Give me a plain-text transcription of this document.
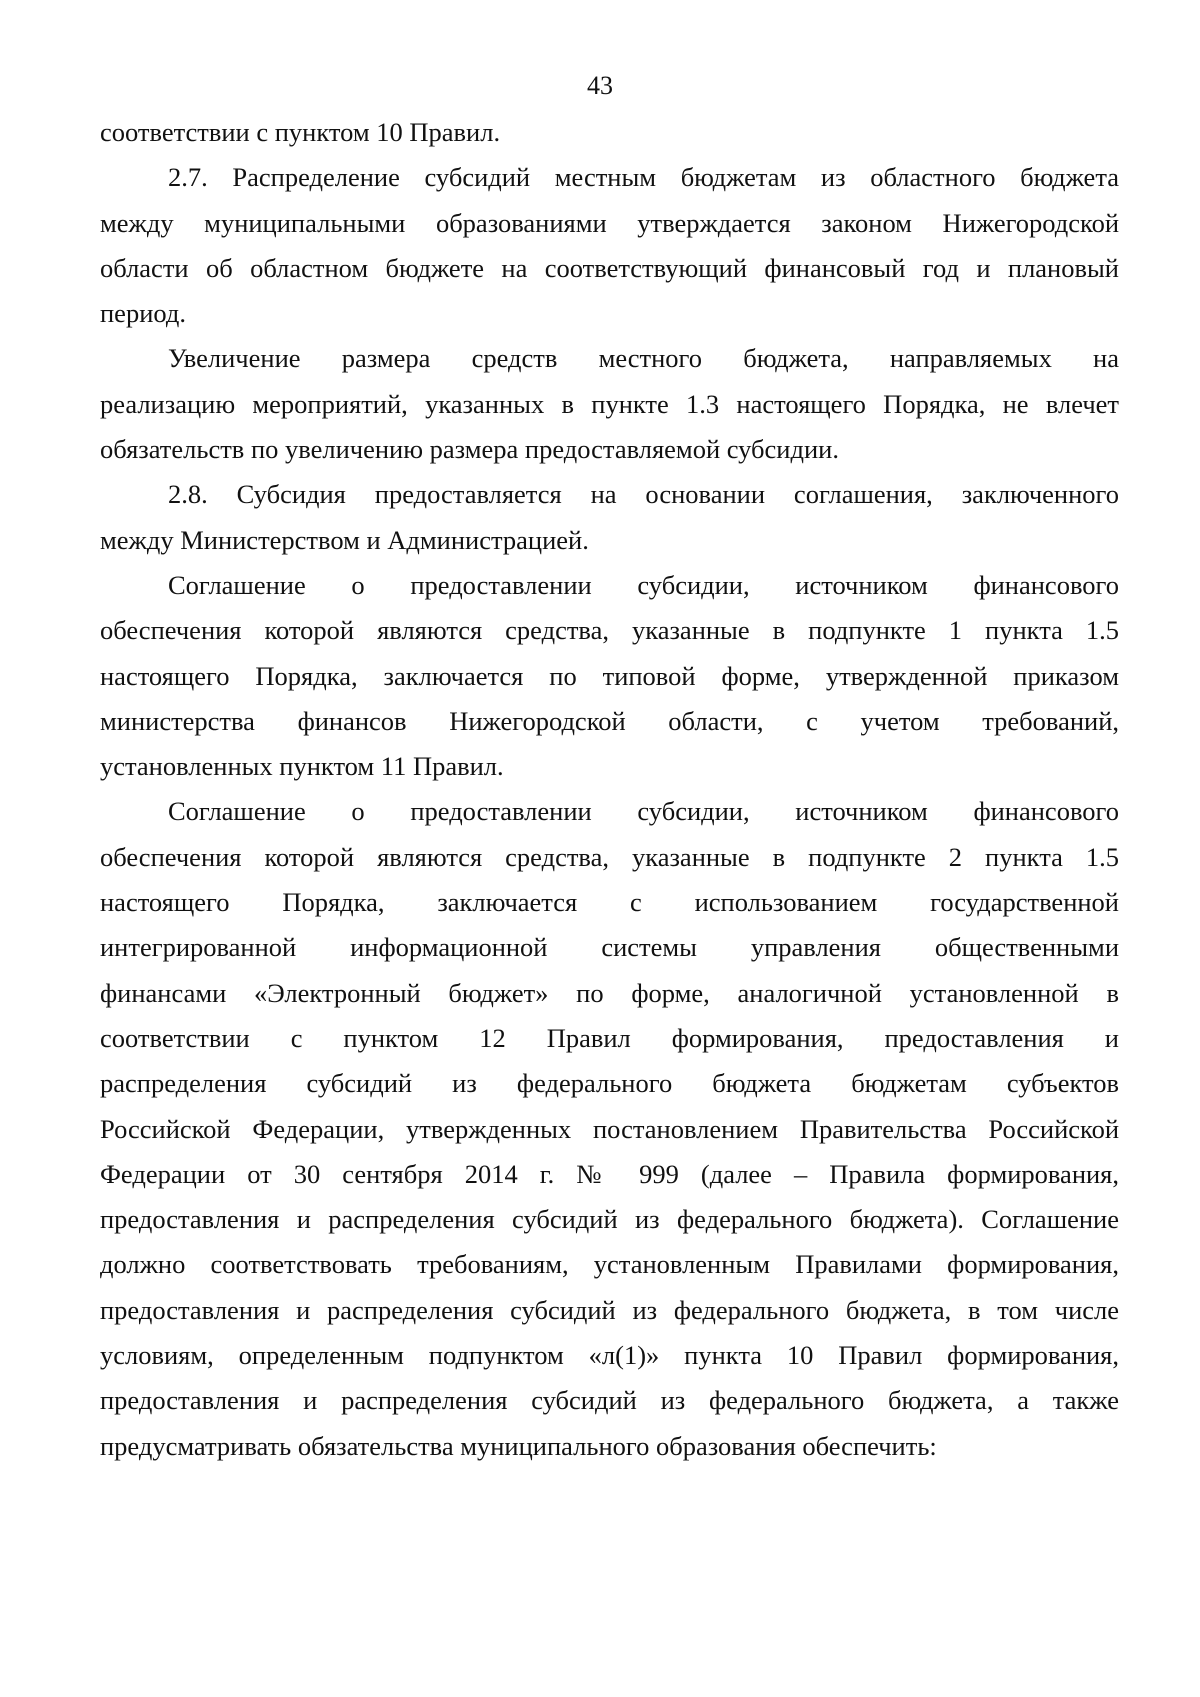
43
соответствии с пунктом 10 Правил.
2.7. Распределение субсидий местным бюджетам из областного бюджета
между муниципальными образованиями утверждается законом Нижегородской
области об областном бюджете на соответствующий финансовый год и плановый
период.
Увеличение размера средств местного бюджета, направляемых на
реализацию мероприятий, указанных в пункте 1.3 настоящего Порядка, не влечет
обязательств по увеличению размера предоставляемой субсидии.
2.8. Субсидия предоставляется на основании соглашения, заключенного
между Министерством и Администрацией.
Соглашение о предоставлении субсидии, источником финансового
обеспечения которой являются средства, указанные в подпункте 1 пункта 1.5
настоящего Порядка, заключается по типовой форме, утвержденной приказом
министерства финансов Нижегородской области, с учетом требований,
установленных пунктом 11 Правил.
Соглашение о предоставлении субсидии, источником финансового
обеспечения которой являются средства, указанные в подпункте 2 пункта 1.5
настоящего Порядка, заключается с использованием государственной
интегрированной информационной системы управления общественными
финансами «Электронный бюджет» по форме, аналогичной установленной в
соответствии с пунктом 12 Правил формирования, предоставления и
распределения субсидий из федерального бюджета бюджетам субъектов
Российской Федерации, утвержденных постановлением Правительства Российской
Федерации от 30 сентября 2014 г. № 999 (далее – Правила формирования,
предоставления и распределения субсидий из федерального бюджета). Соглашение
должно соответствовать требованиям, установленным Правилами формирования,
предоставления и распределения субсидий из федерального бюджета, в том числе
условиям, определенным подпунктом «л(1)» пункта 10 Правил формирования,
предоставления и распределения субсидий из федерального бюджета, а также
предусматривать обязательства муниципального образования обеспечить:
